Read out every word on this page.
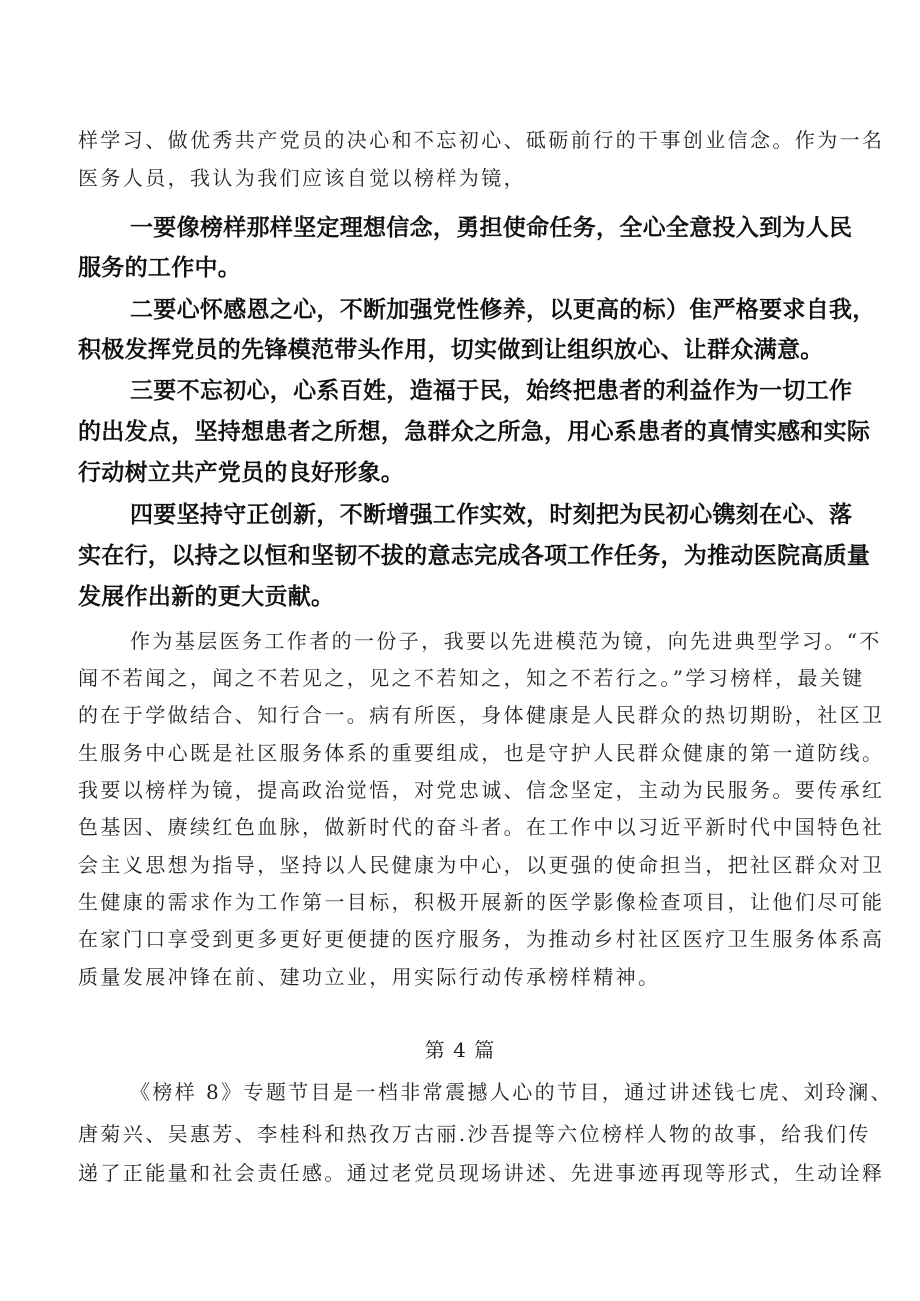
样学习、做优秀共产党员的决心和不忘初心、砥砺前行的干事创业信念。作为一名
医务人员，我认为我们应该自觉以榜样为镜，
一要像榜样那样坚定理想信念，勇担使命任务，全心全意投入到为人民
服务的工作中。
二要心怀感恩之心，不断加强党性修养，以更高的标）隹严格要求自我，
积极发挥党员的先锋模范带头作用，切实做到让组织放心、让群众满意。
三要不忘初心，心系百姓，造福于民，始终把患者的利益作为一切工作
的出发点，坚持想患者之所想，急群众之所急，用心系患者的真情实感和实际
行动树立共产党员的良好形象。
四要坚持守正创新，不断增强工作实效，时刻把为民初心镌刻在心、落
实在行，以持之以恒和坚韧不拔的意志完成各项工作任务，为推动医院高质量
发展作出新的更大贡献。
作为基层医务工作者的一份子，我要以先进模范为镜，向先进典型学习。“不
闻不若闻之，闻之不若见之，见之不若知之，知之不若行之。”学习榜样，最关键
的在于学做结合、知行合一。病有所医，身体健康是人民群众的热切期盼，社区卫
生服务中心既是社区服务体系的重要组成，也是守护人民群众健康的第一道防线。
我要以榜样为镜，提高政治觉悟，对党忠诚、信念坚定，主动为民服务。要传承红
色基因、赓续红色血脉，做新时代的奋斗者。在工作中以习近平新时代中国特色社
会主义思想为指导，坚持以人民健康为中心，以更强的使命担当，把社区群众对卫
生健康的需求作为工作第一目标，积极开展新的医学影像检查项目，让他们尽可能
在家门口享受到更多更好更便捷的医疗服务，为推动乡村社区医疗卫生服务体系高
质量发展冲锋在前、建功立业，用实际行动传承榜样精神。
第 4 篇
《榜样 8》专题节目是一档非常震撼人心的节目，通过讲述钱七虎、刘玲澜、
唐菊兴、吴惠芳、李桂科和热孜万古丽.沙吾提等六位榜样人物的故事，给我们传
递了正能量和社会责任感。通过老党员现场讲述、先进事迹再现等形式，生动诠释
